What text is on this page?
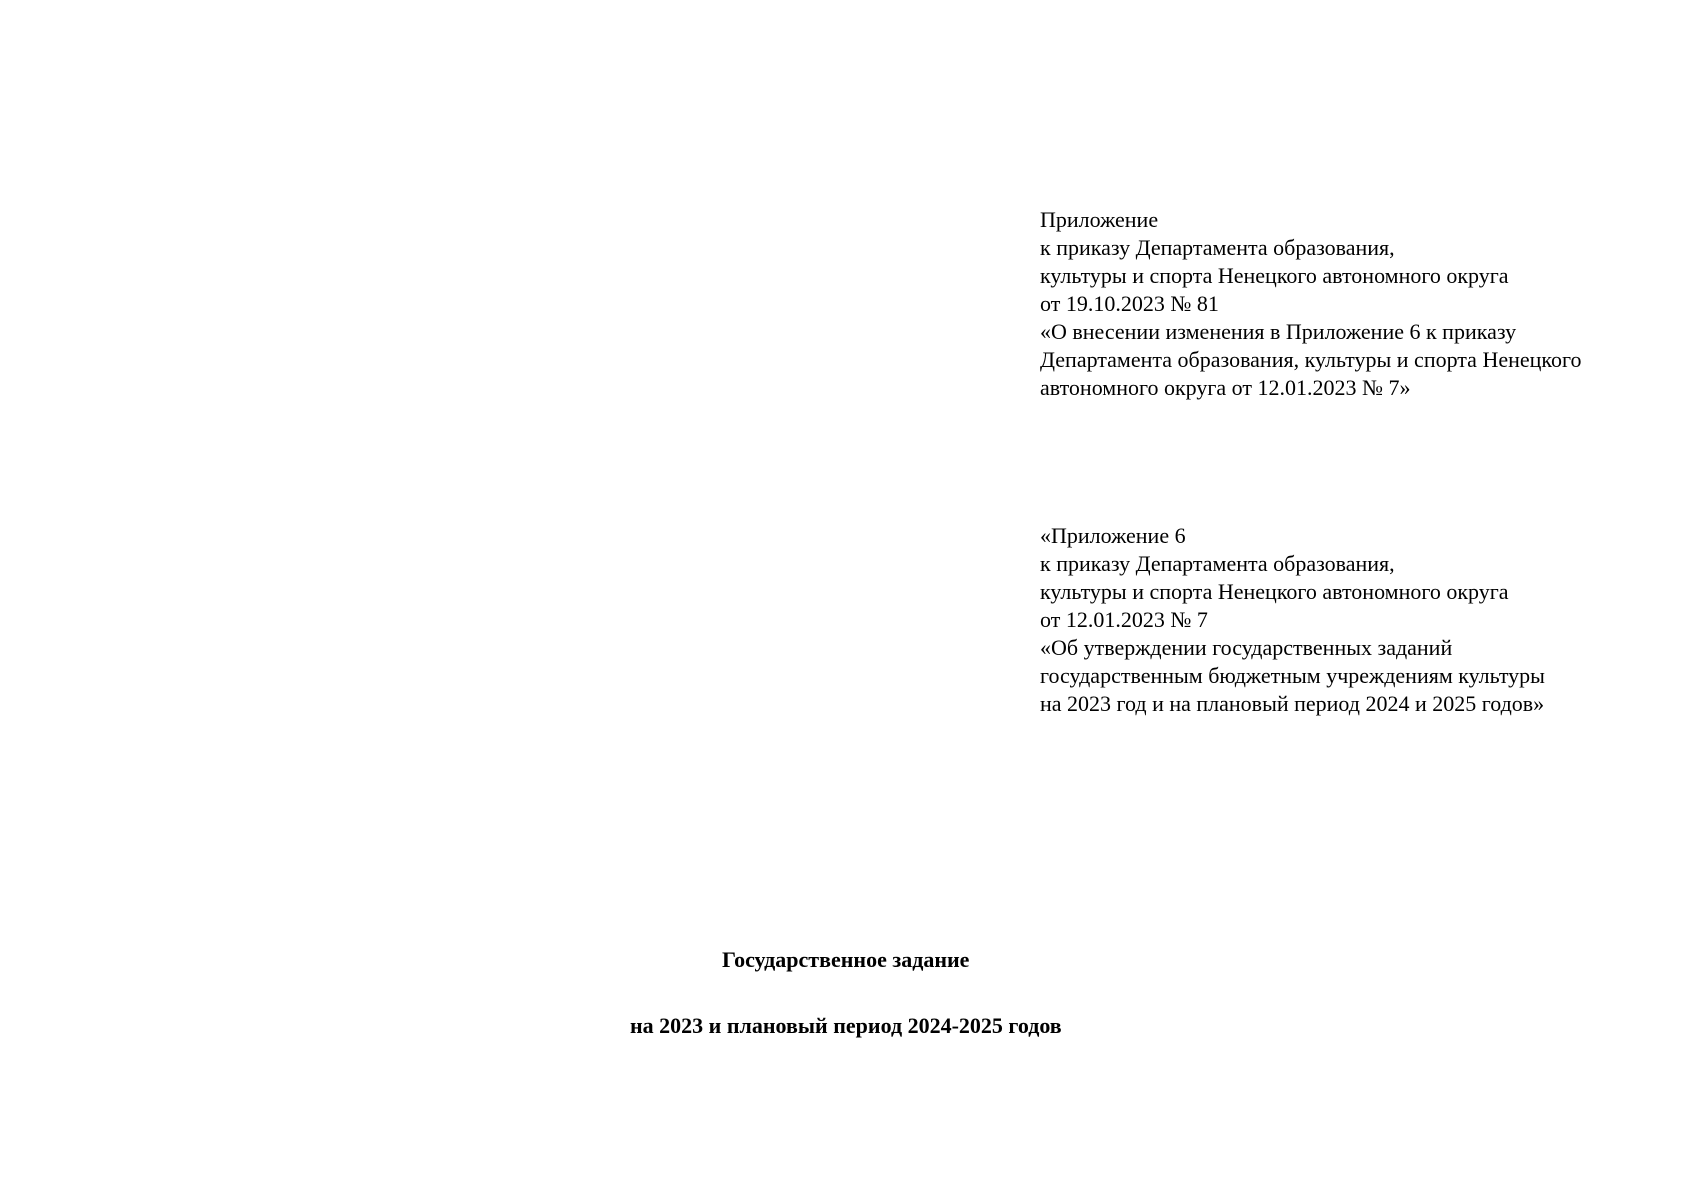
Приложение
к приказу Департамента образования,
культуры и спорта Ненецкого автономного округа
от 19.10.2023 № 81
«О внесении изменения в Приложение 6 к приказу
Департамента образования, культуры и спорта Ненецкого
автономного округа от 12.01.2023 № 7»
«Приложение 6
к приказу Департамента образования,
культуры и спорта Ненецкого автономного округа
от 12.01.2023 № 7
«Об утверждении государственных заданий
государственным бюджетным учреждениям культуры
на 2023 год и на плановый период 2024 и 2025 годов»
Государственное задание
на 2023 и плановый период 2024-2025 годов
